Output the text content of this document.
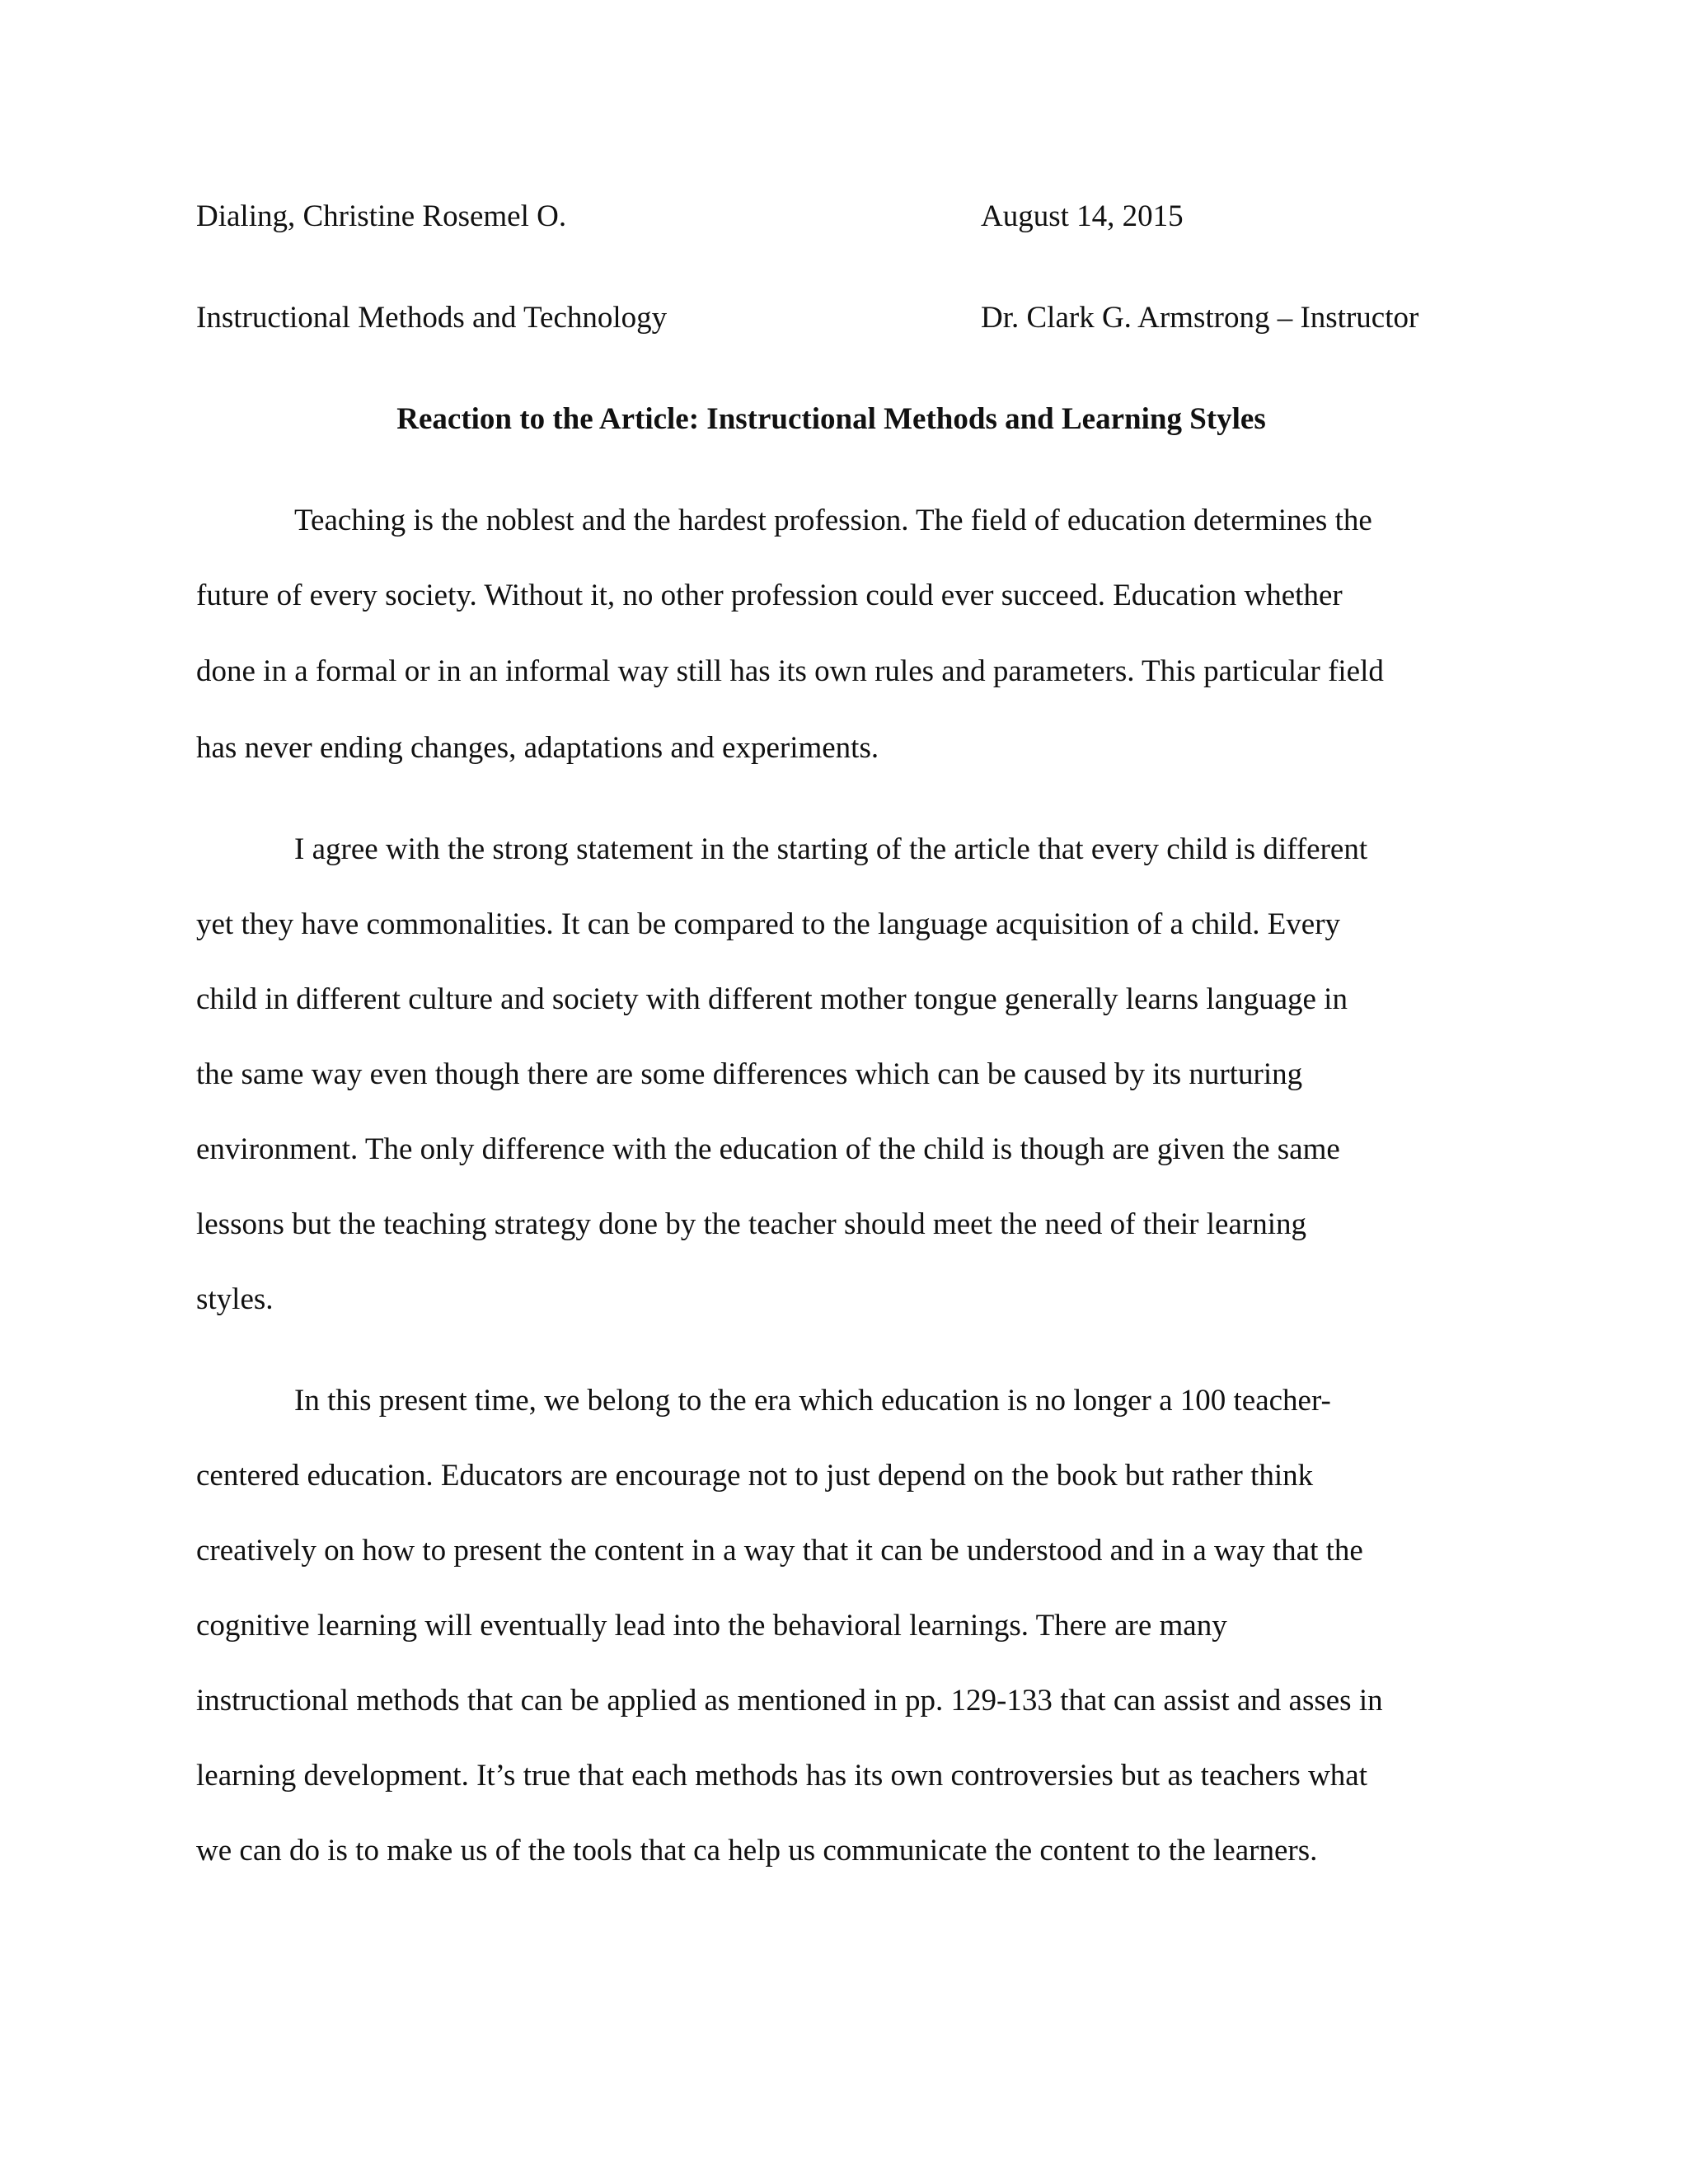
Dialing, Christine Rosemel O.	August 14, 2015
Instructional Methods and Technology	Dr. Clark G. Armstrong – Instructor
Reaction to the Article: Instructional Methods and Learning Styles
Teaching is the noblest and the hardest profession. The field of education determines the
future of every society. Without it, no other profession could ever succeed. Education whether
done in a formal or in an informal way still has its own rules and parameters. This particular field
has never ending changes, adaptations and experiments.
I agree with the strong statement in the starting of the article that every child is different
yet they have commonalities. It can be compared to the language acquisition of a child. Every
child in different culture and society with different mother tongue generally learns language in
the same way even though there are some differences which can be caused by its nurturing
environment. The only difference with the education of the child is though are given the same
lessons but the teaching strategy done by the teacher should meet the need of their learning
styles.
In this present time, we belong to the era which education is no longer a 100 teacher-
centered education. Educators are encourage not to just depend on the book but rather think
creatively on how to present the content in a way that it can be understood and in a way that the
cognitive learning will eventually lead into the behavioral learnings. There are many
instructional methods that can be applied as mentioned in pp. 129-133 that can assist and asses in
learning development. It’s true that each methods has its own controversies but as teachers what
we can do is to make us of the tools that ca help us communicate the content to the learners.
